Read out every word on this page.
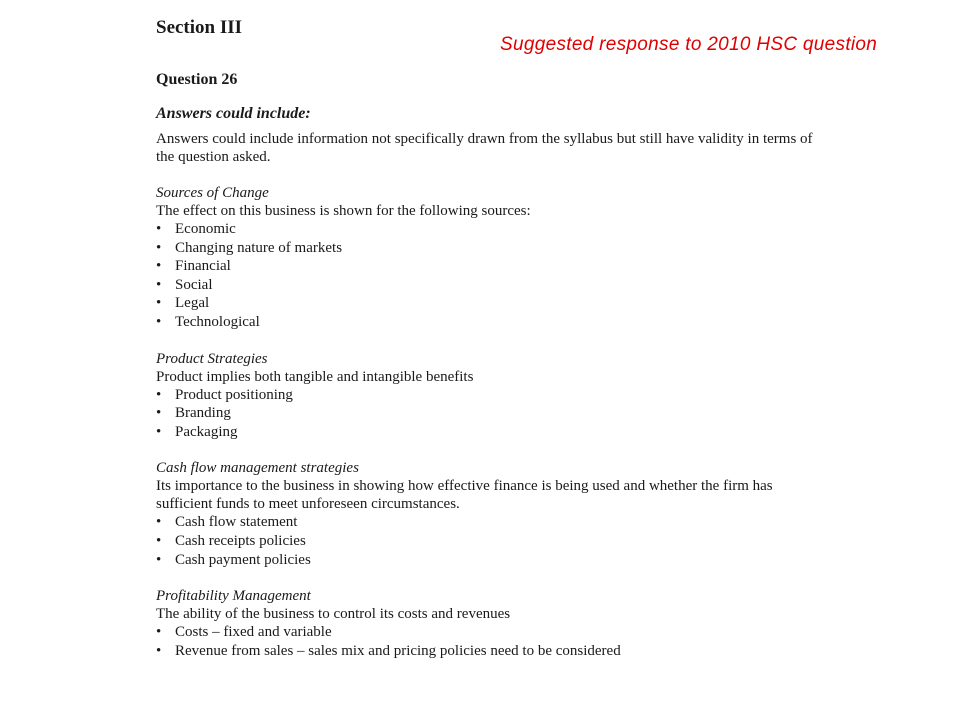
Section III
Question 26
Answers could include:

Answers could include information not specifically drawn from the syllabus but still have validity in terms of the question asked.

Sources of Change
The effect on this business is shown for the following sources:
• Economic
• Changing nature of markets
• Financial
• Social
• Legal
• Technological
Product Strategies
Product implies both tangible and intangible benefits
• Product positioning
• Branding
• Packaging
Cash flow management strategies
Its importance to the business in showing how effective finance is being used and whether the firm has sufficient funds to meet unforeseen circumstances.
• Cash flow statement
• Cash receipts policies
• Cash payment policies
Profitability Management
The ability of the business to control its costs and revenues
• Costs – fixed and variable
• Revenue from sales – sales mix and pricing policies need to be considered
Suggested response to 2010 HSC question
